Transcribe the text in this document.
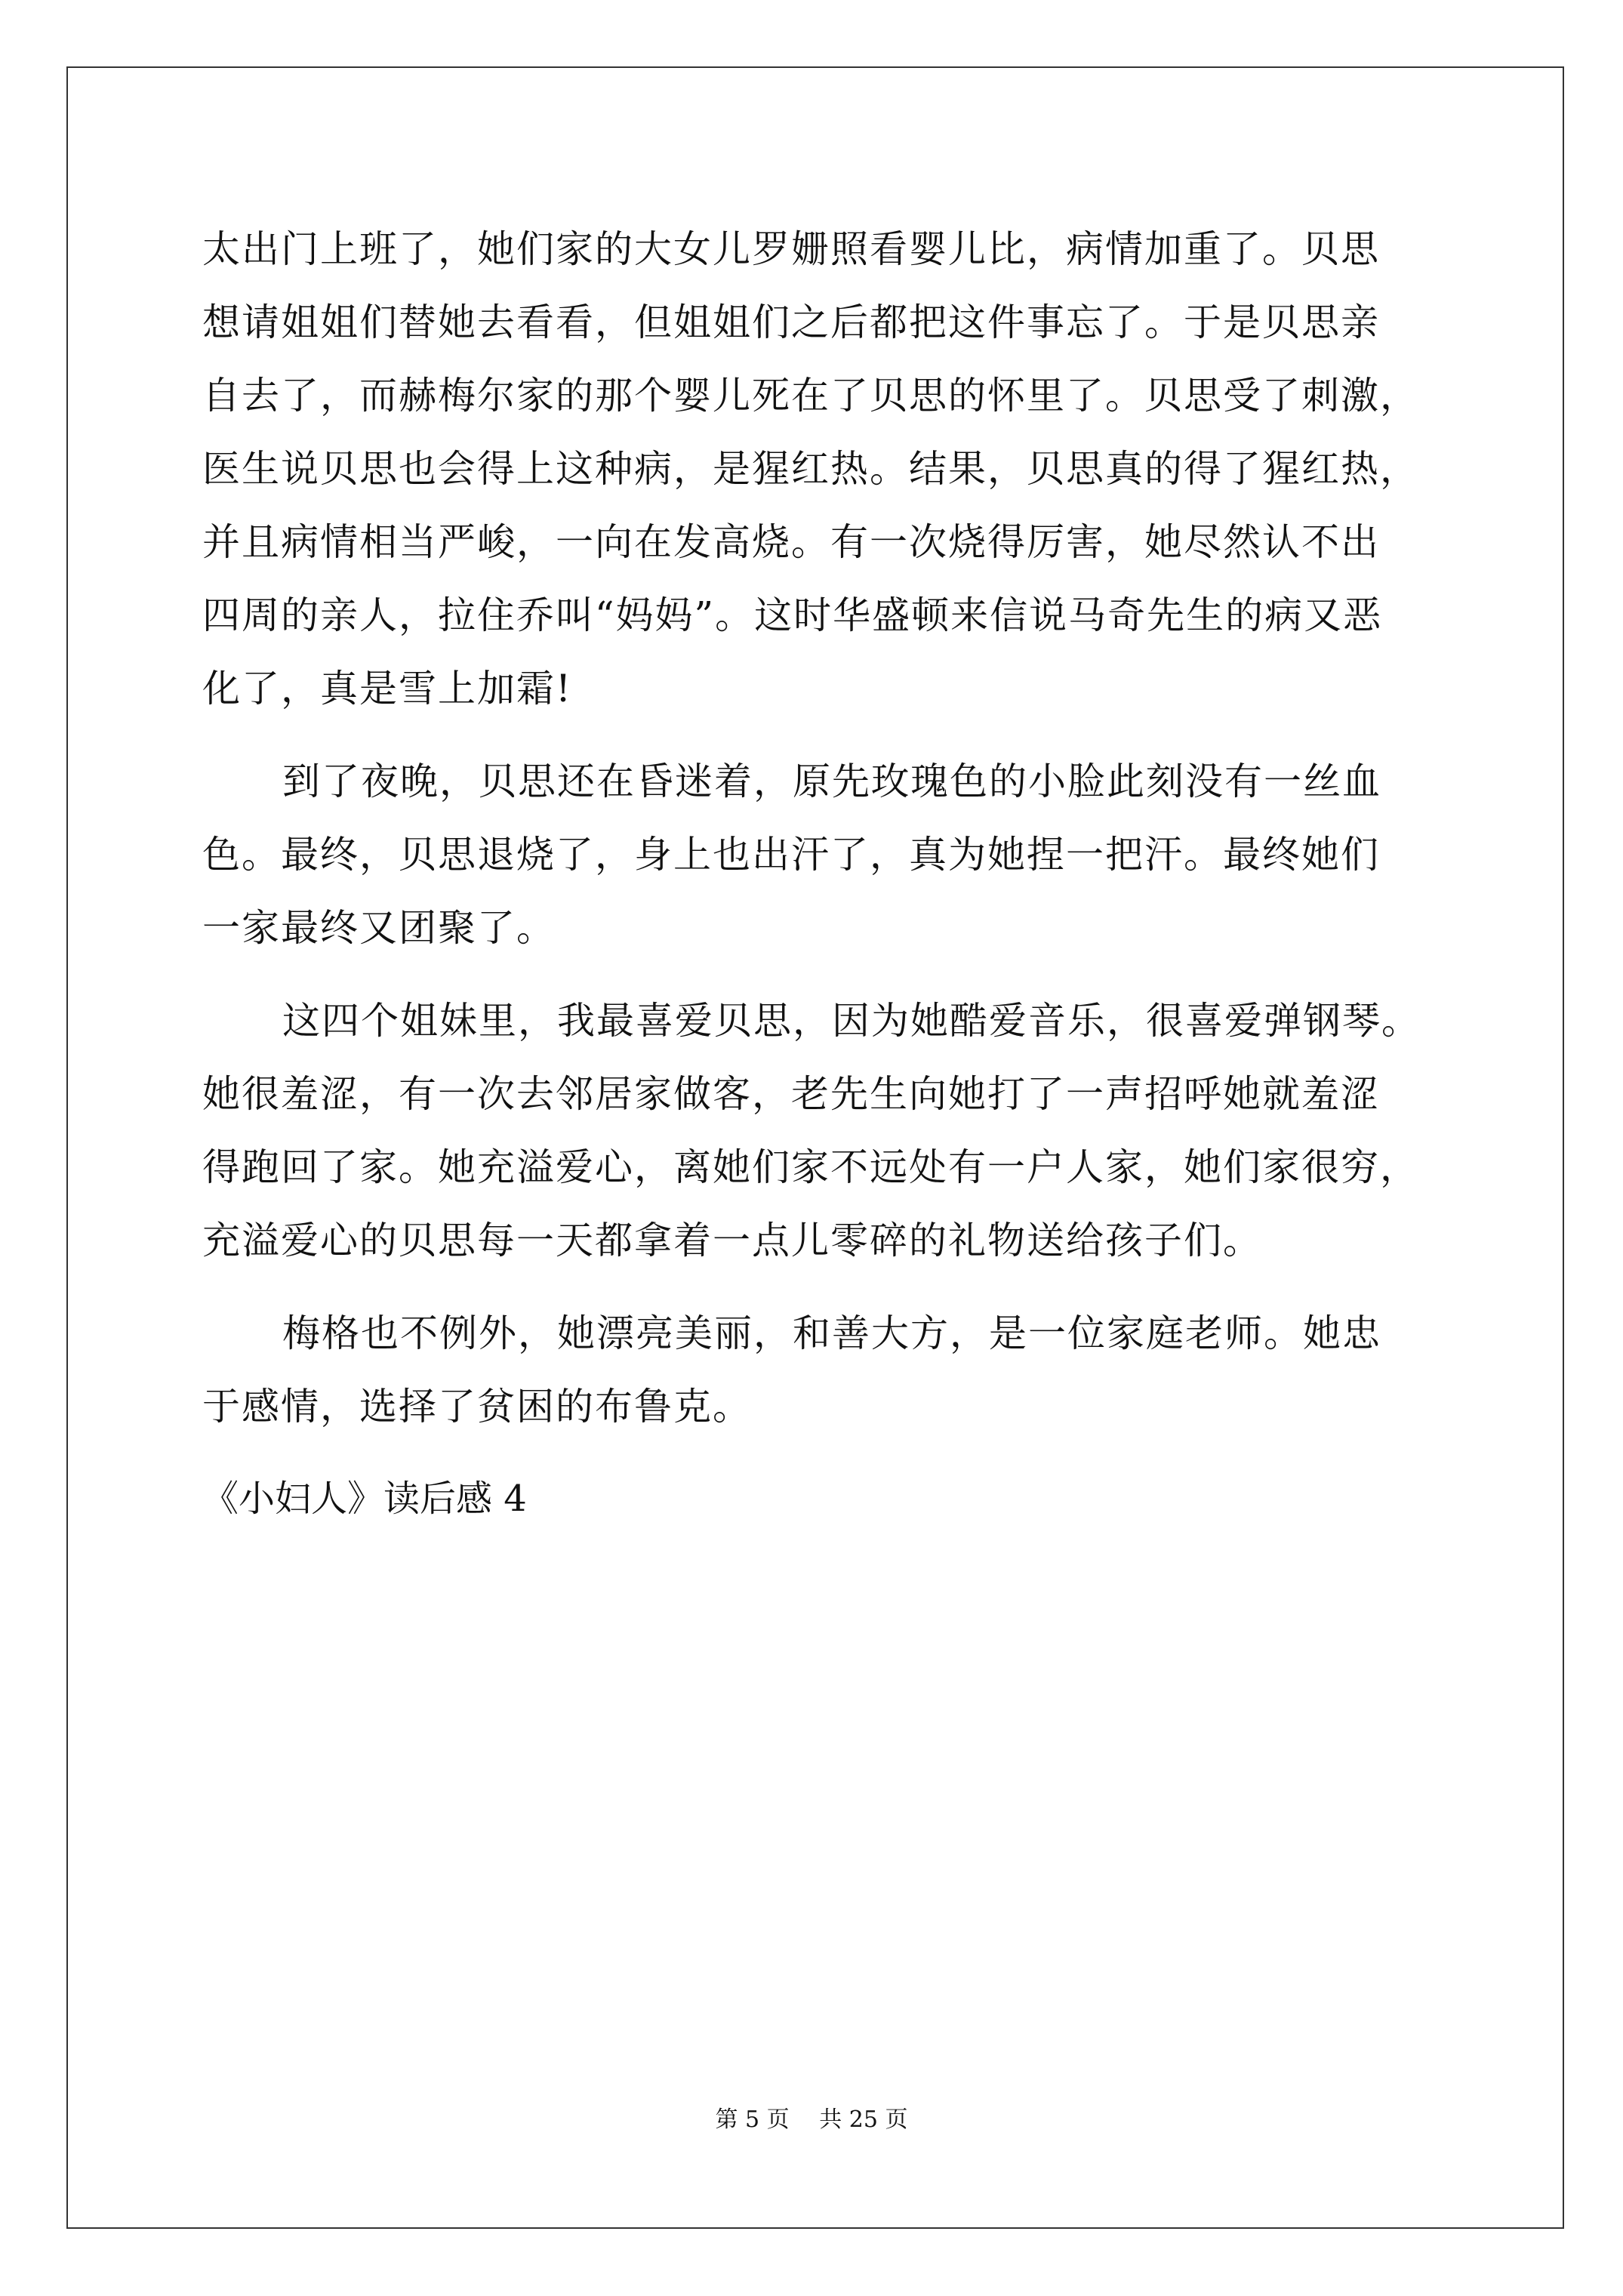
太出门上班了，她们家的大女儿罗姗照看婴儿比，病情加重了。贝思
想请姐姐们替她去看看，但姐姐们之后都把这件事忘了。于是贝思亲
自去了，而赫梅尔家的那个婴儿死在了贝思的怀里了。贝思受了刺激，
医生说贝思也会得上这种病，是猩红热。结果，贝思真的得了猩红热，
并且病情相当严峻，一向在发高烧。有一次烧得厉害，她尽然认不出
四周的亲人，拉住乔叫“妈妈”。这时华盛顿来信说马奇先生的病又恶
化了，真是雪上加霜!
到了夜晚，贝思还在昏迷着，原先玫瑰色的小脸此刻没有一丝血
色。最终，贝思退烧了，身上也出汗了，真为她捏一把汗。最终她们
一家最终又团聚了。
这四个姐妹里，我最喜爱贝思，因为她酷爱音乐，很喜爱弹钢琴。
她很羞涩，有一次去邻居家做客，老先生向她打了一声招呼她就羞涩
得跑回了家。她充溢爱心，离她们家不远处有一户人家，她们家很穷，
充溢爱心的贝思每一天都拿着一点儿零碎的礼物送给孩子们。
梅格也不例外，她漂亮美丽，和善大方，是一位家庭老师。她忠
于感情，选择了贫困的布鲁克。
《小妇人》读后感 4
第 5 页　 共 25 页
